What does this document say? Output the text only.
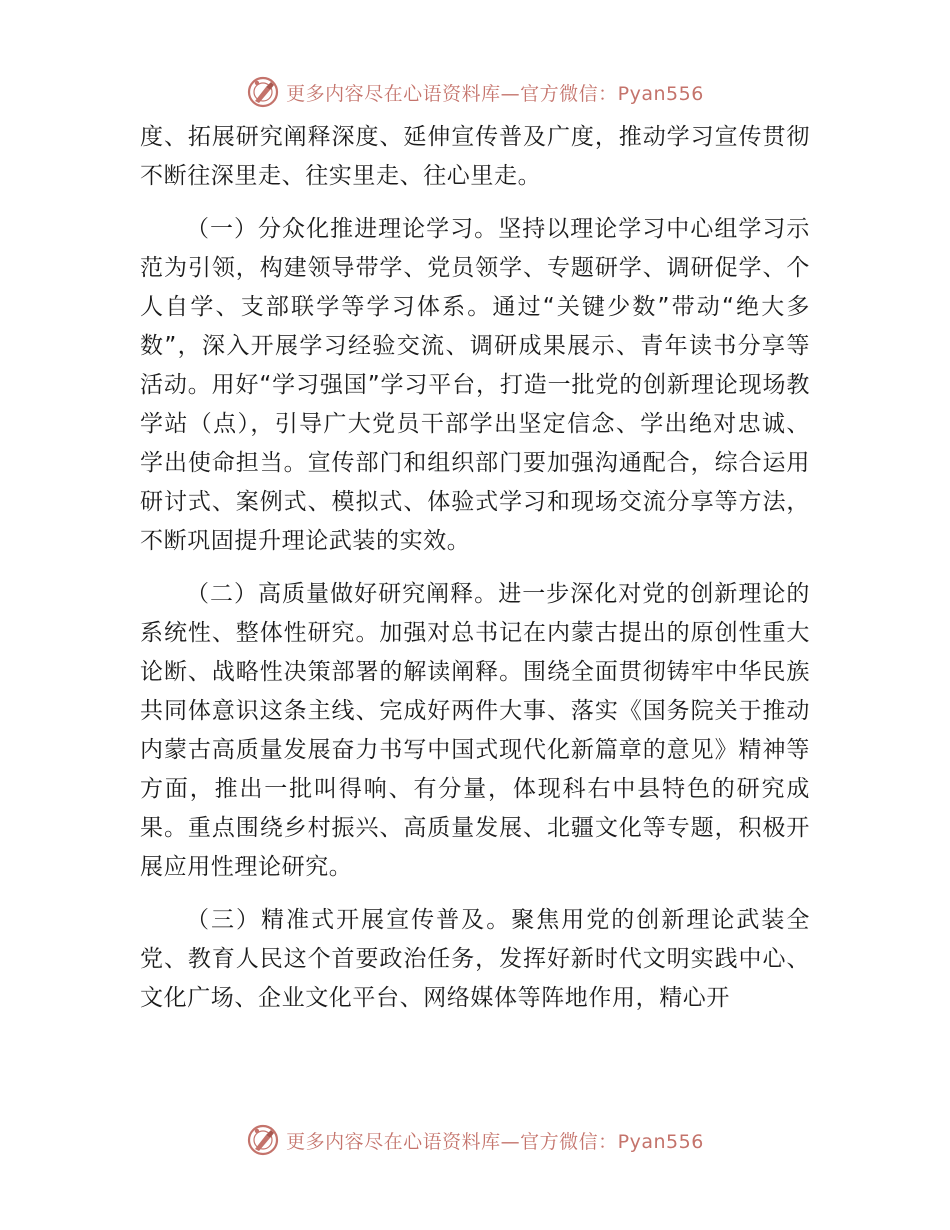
更多内容尽在心语资料库—官方微信：Pyan556

度、拓展研究阐释深度、延伸宣传普及广度，推动学习宣传贯彻不断往深里走、往实里走、往心里走。

（一）分众化推进理论学习。坚持以理论学习中心组学习示范为引领，构建领导带学、党员领学、专题研学、调研促学、个人自学、支部联学等学习体系。通过“关键少数”带动“绝大多数”，深入开展学习经验交流、调研成果展示、青年读书分享等活动。用好“学习强国”学习平台，打造一批党的创新理论现场教学站（点），引导广大党员干部学出坚定信念、学出绝对忠诚、学出使命担当。宣传部门和组织部门要加强沟通配合，综合运用研讨式、案例式、模拟式、体验式学习和现场交流分享等方法，不断巩固提升理论武装的实效。

（二）高质量做好研究阐释。进一步深化对党的创新理论的系统性、整体性研究。加强对总书记在内蒙古提出的原创性重大论断、战略性决策部署的解读阐释。围绕全面贯彻铸牢中华民族共同体意识这条主线、完成好两件大事、落实《国务院关于推动内蒙古高质量发展奋力书写中国式现代化新篇章的意见》精神等方面，推出一批叫得响、有分量，体现科右中县特色的研究成果。重点围绕乡村振兴、高质量发展、北疆文化等专题，积极开展应用性理论研究。

（三）精准式开展宣传普及。聚焦用党的创新理论武装全党、教育人民这个首要政治任务，发挥好新时代文明实践中心、文化广场、企业文化平台、网络媒体等阵地作用，精心开

更多内容尽在心语资料库—官方微信：Pyan556
